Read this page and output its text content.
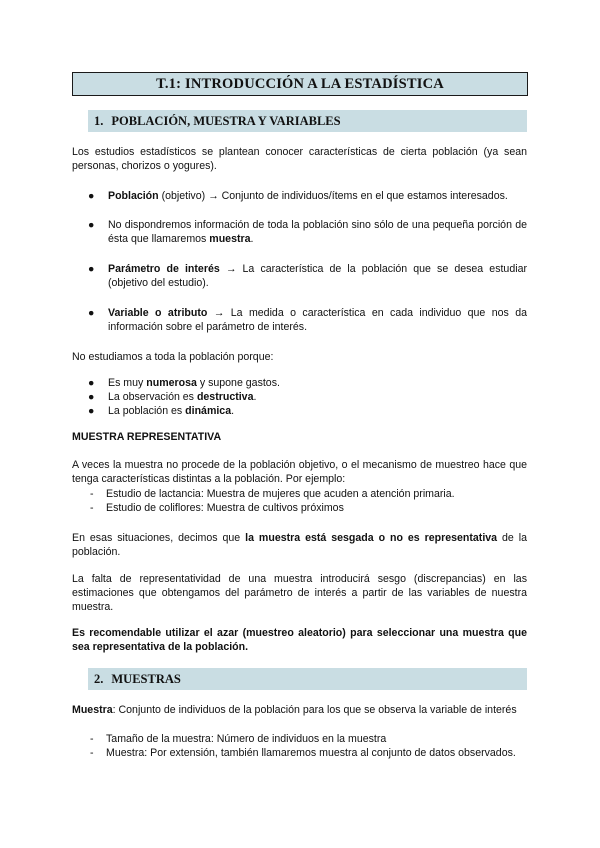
T.1: INTRODUCCIÓN A LA ESTADÍSTICA
1. POBLACIÓN, MUESTRA Y VARIABLES
Los estudios estadísticos se plantean conocer características de cierta población (ya sean personas, chorizos o yogures).
● Población (objetivo) → Conjunto de individuos/ítems en el que estamos interesados.
● No dispondremos información de toda la población sino sólo de una pequeña porción de ésta que llamaremos muestra.
● Parámetro de interés → La característica de la población que se desea estudiar (objetivo del estudio).
● Variable o atributo → La medida o característica en cada individuo que nos da información sobre el parámetro de interés.
No estudiamos a toda la población porque:
● Es muy numerosa y supone gastos.
● La observación es destructiva.
● La población es dinámica.
MUESTRA REPRESENTATIVA
A veces la muestra no procede de la población objetivo, o el mecanismo de muestreo hace que tenga características distintas a la población. Por ejemplo:
- Estudio de lactancia: Muestra de mujeres que acuden a atención primaria.
- Estudio de coliflores: Muestra de cultivos próximos
En esas situaciones, decimos que la muestra está sesgada o no es representativa de la población.
La falta de representatividad de una muestra introducirá sesgo (discrepancias) en las estimaciones que obtengamos del parámetro de interés a partir de las variables de nuestra muestra.
Es recomendable utilizar el azar (muestreo aleatorio) para seleccionar una muestra que sea representativa de la población.
2. MUESTRAS
Muestra: Conjunto de individuos de la población para los que se observa la variable de interés
- Tamaño de la muestra: Número de individuos en la muestra
- Muestra: Por extensión, también llamaremos muestra al conjunto de datos observados.
